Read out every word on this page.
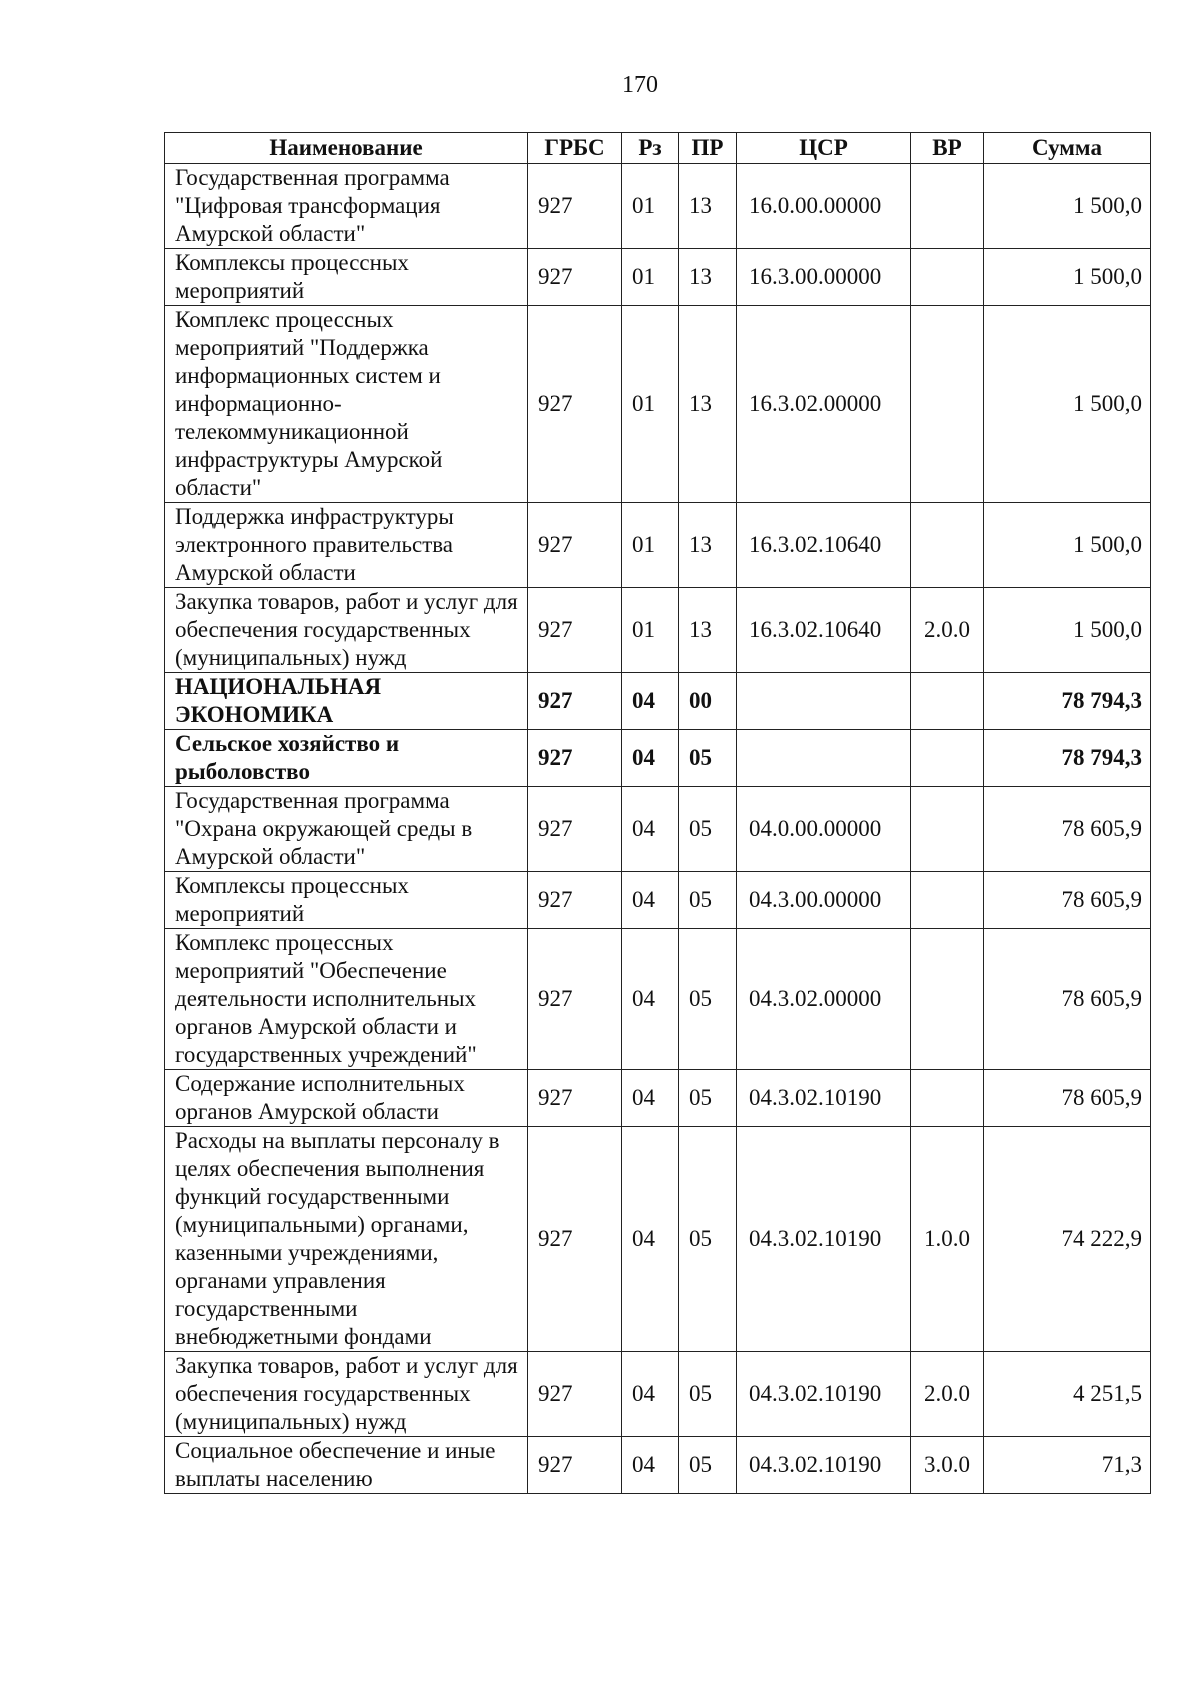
170
Наименование	ГРБС	Рз	ПР	ЦСР	ВР	Сумма
Государственная программа "Цифровая трансформация Амурской области"	927	01	13	16.0.00.00000		1 500,0
Комплексы процессных мероприятий	927	01	13	16.3.00.00000		1 500,0
Комплекс процессных мероприятий "Поддержка информационных систем и информационно-телекоммуникационной инфраструктуры Амурской области"	927	01	13	16.3.02.00000		1 500,0
Поддержка инфраструктуры электронного правительства Амурской области	927	01	13	16.3.02.10640		1 500,0
Закупка товаров, работ и услуг для обеспечения государственных (муниципальных) нужд	927	01	13	16.3.02.10640	2.0.0	1 500,0
НАЦИОНАЛЬНАЯ ЭКОНОМИКА	927	04	00			78 794,3
Сельское хозяйство и рыболовство	927	04	05			78 794,3
Государственная программа "Охрана окружающей среды в Амурской области"	927	04	05	04.0.00.00000		78 605,9
Комплексы процессных мероприятий	927	04	05	04.3.00.00000		78 605,9
Комплекс процессных мероприятий "Обеспечение деятельности исполнительных органов Амурской области и государственных учреждений"	927	04	05	04.3.02.00000		78 605,9
Содержание исполнительных органов Амурской области	927	04	05	04.3.02.10190		78 605,9
Расходы на выплаты персоналу в целях обеспечения выполнения функций государственными (муниципальными) органами, казенными учреждениями, органами управления государственными внебюджетными фондами	927	04	05	04.3.02.10190	1.0.0	74 222,9
Закупка товаров, работ и услуг для обеспечения государственных (муниципальных) нужд	927	04	05	04.3.02.10190	2.0.0	4 251,5
Социальное обеспечение и иные выплаты населению	927	04	05	04.3.02.10190	3.0.0	71,3
